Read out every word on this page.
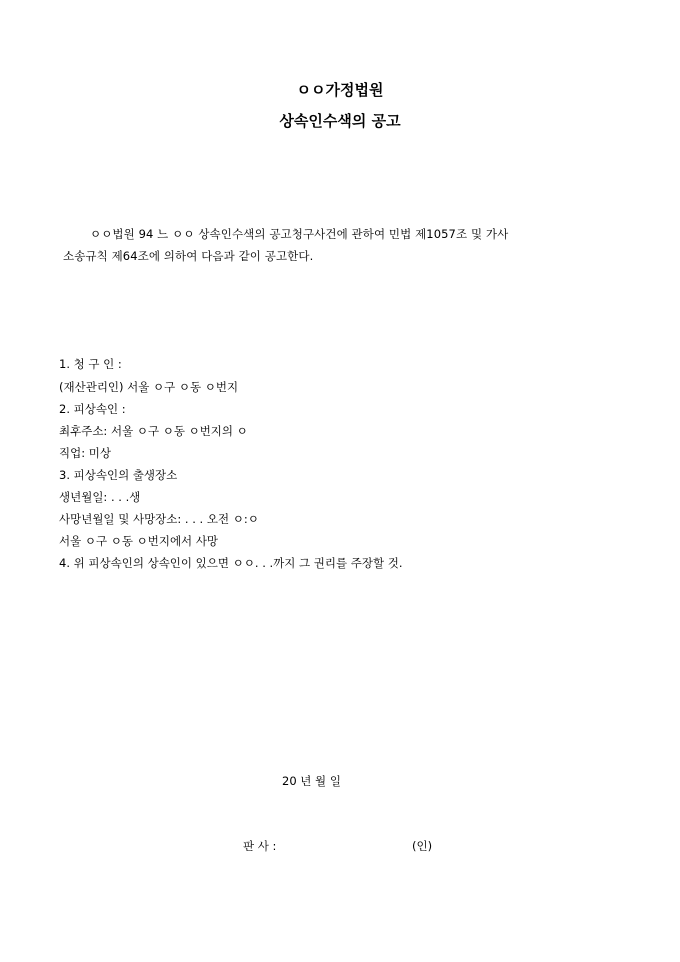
ㅇㅇ가정법원
상속인수색의 공고
ㅇㅇ법원 94 느 ㅇㅇ 상속인수색의 공고청구사건에 관하여 민법 제1057조 및 가사
소송규칙 제64조에 의하여 다음과 같이 공고한다.
1. 청 구 인 :
(재산관리인) 서울 ㅇ구 ㅇ동 ㅇ번지
2. 피상속인 :
최후주소: 서울 ㅇ구 ㅇ동 ㅇ번지의 ㅇ
직업: 미상
3. 피상속인의 출생장소
생년월일: . . .생
사망년월일 및 사망장소: . . . 오전 ㅇ:ㅇ
서울 ㅇ구 ㅇ동 ㅇ번지에서 사망
4. 위 피상속인의 상속인이 있으면 ㅇㅇ. . .까지 그 권리를 주장할 것.
20 년 월 일
판 사 :	(인)
